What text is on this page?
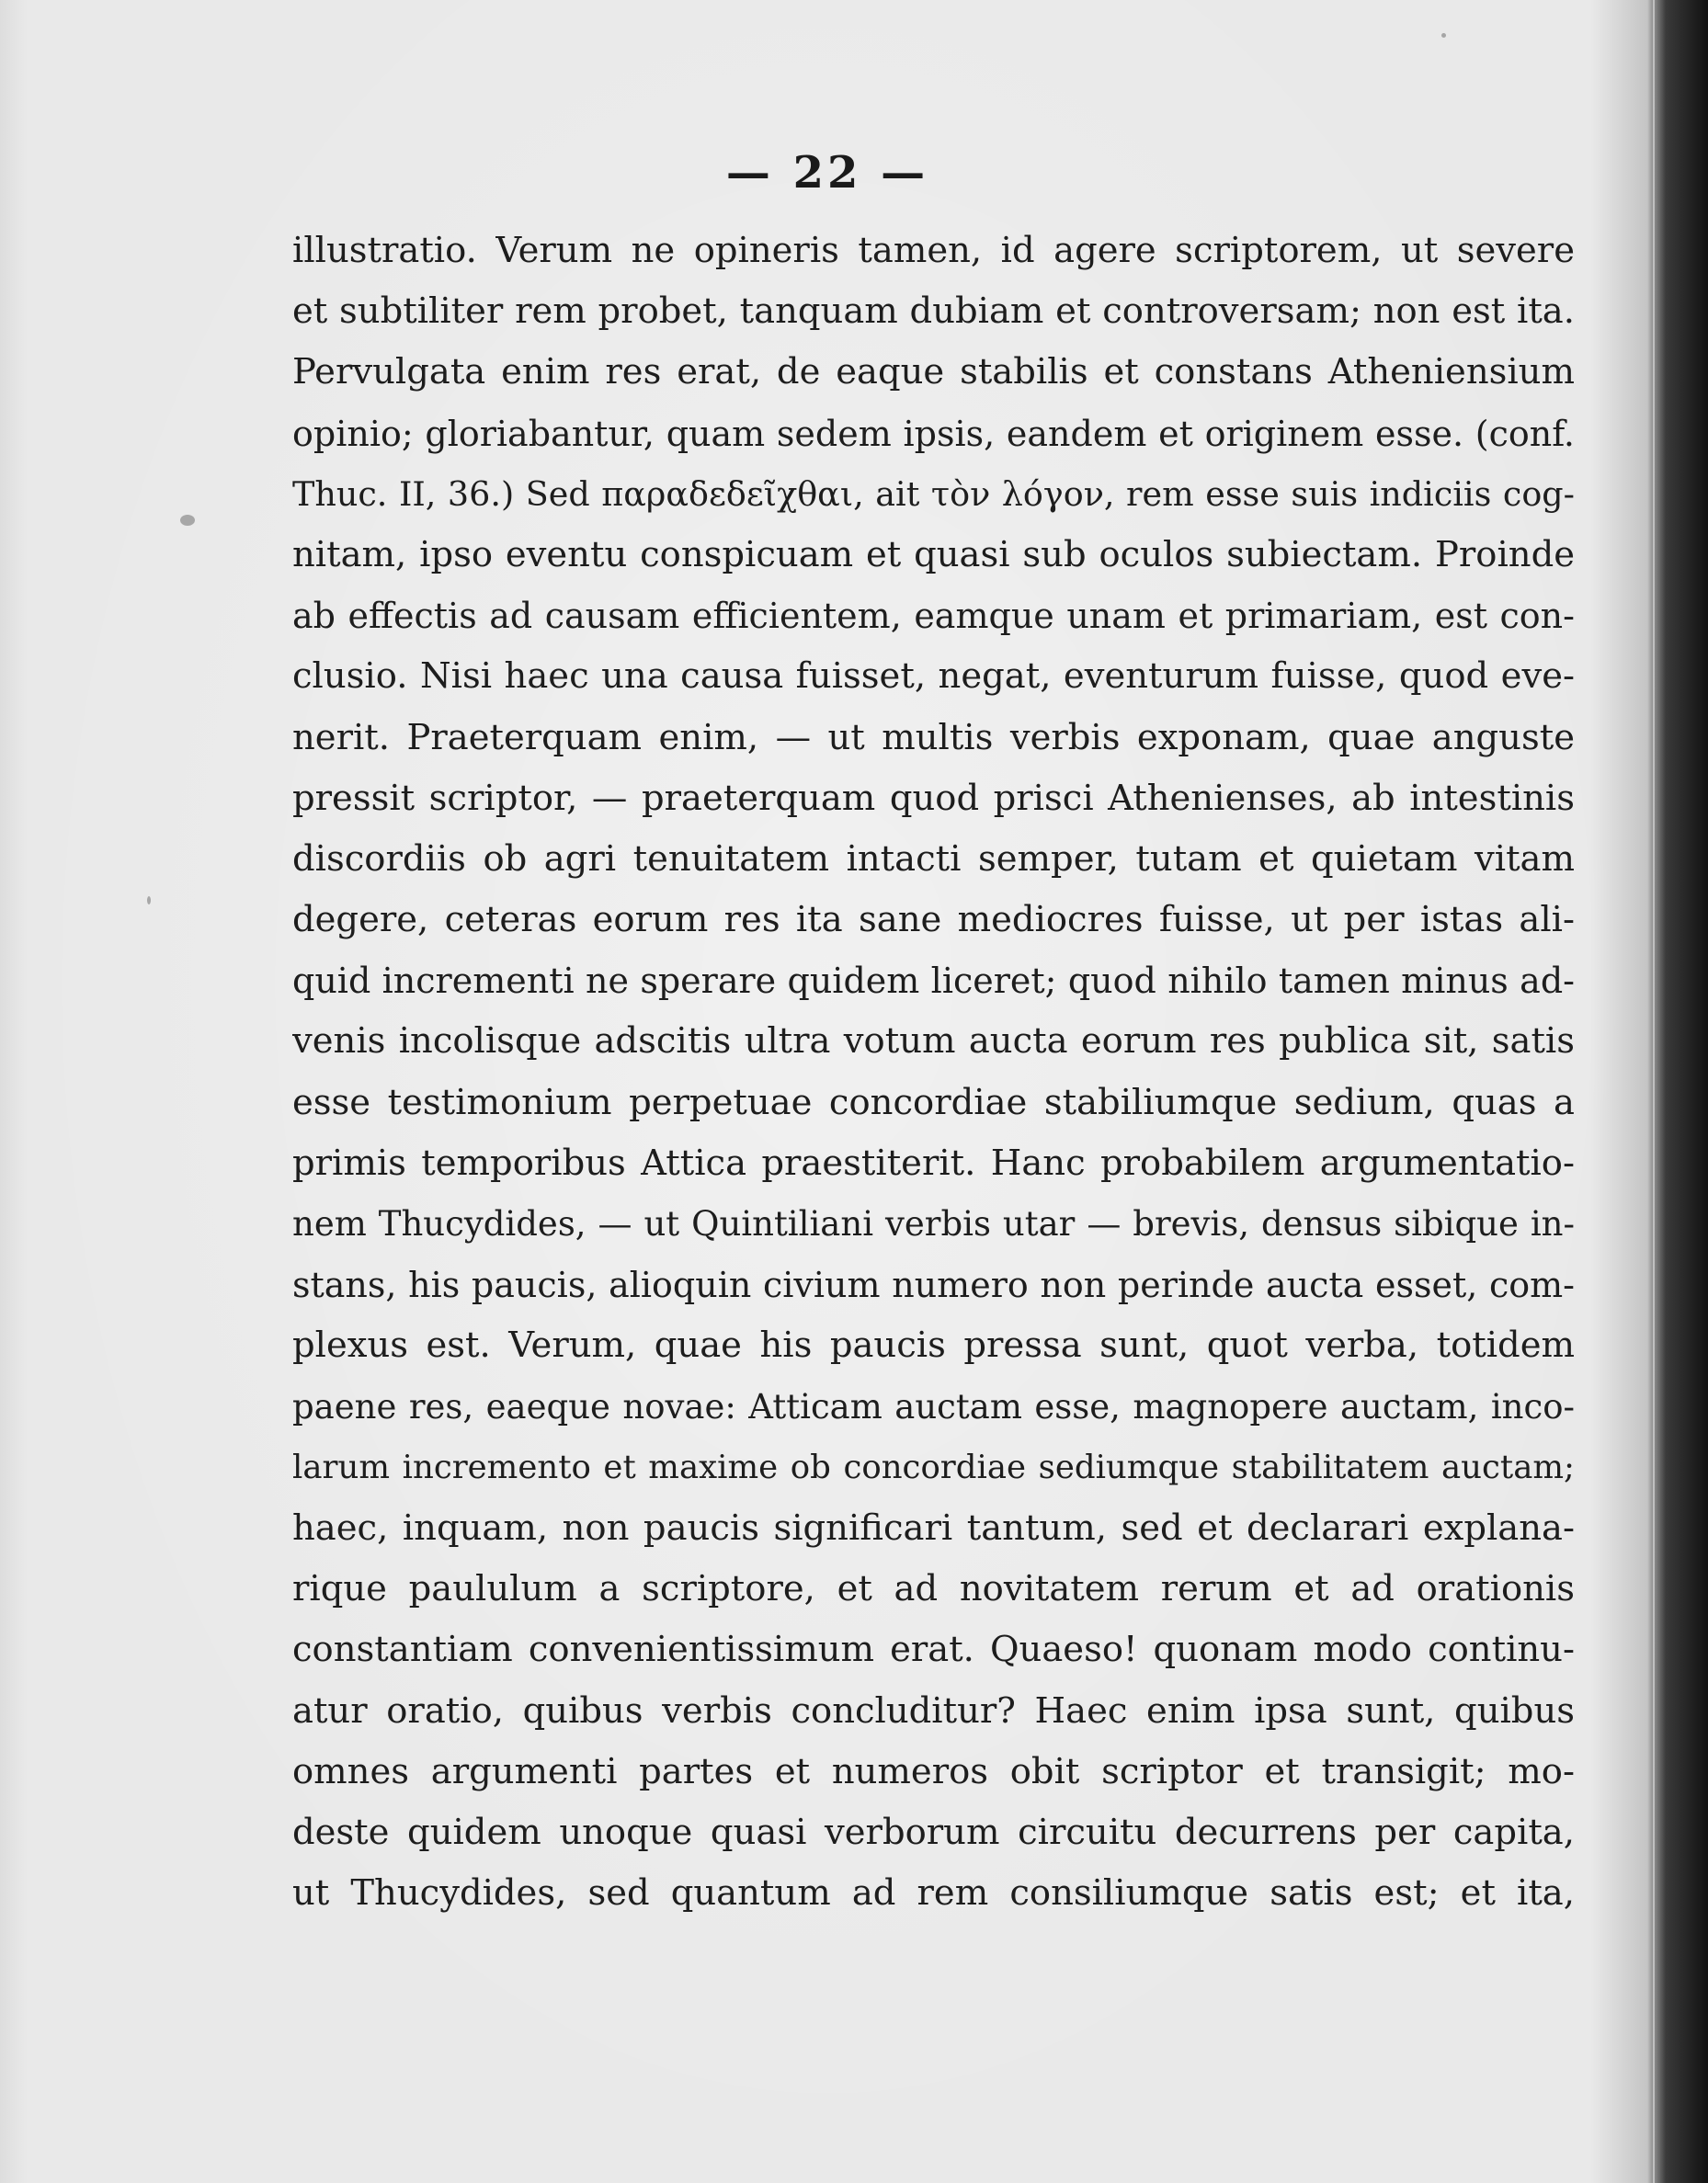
— 22 —
illustratio. Verum ne opineris tamen, id agere scriptorem, ut severe
et subtiliter rem probet, tanquam dubiam et controversam; non est ita.
Pervulgata enim res erat, de eaque stabilis et constans Atheniensium
opinio; gloriabantur, quam sedem ipsis, eandem et originem esse. (conf.
Thuc. II, 36.) Sed παραδεδεῖχθαι, ait τὸν λόγον, rem esse suis indiciis cog-
nitam, ipso eventu conspicuam et quasi sub oculos subiectam. Proinde
ab effectis ad causam efficientem, eamque unam et primariam, est con-
clusio. Nisi haec una causa fuisset, negat, eventurum fuisse, quod eve-
nerit. Praeterquam enim, — ut multis verbis exponam, quae anguste
pressit scriptor, — praeterquam quod prisci Athenienses, ab intestinis
discordiis ob agri tenuitatem intacti semper, tutam et quietam vitam
degere, ceteras eorum res ita sane mediocres fuisse, ut per istas ali-
quid incrementi ne sperare quidem liceret; quod nihilo tamen minus ad-
venis incolisque adscitis ultra votum aucta eorum res publica sit, satis
esse testimonium perpetuae concordiae stabiliumque sedium, quas a
primis temporibus Attica praestiterit. Hanc probabilem argumentatio-
nem Thucydides, — ut Quintiliani verbis utar — brevis, densus sibique in-
stans, his paucis, alioquin civium numero non perinde aucta esset, com-
plexus est. Verum, quae his paucis pressa sunt, quot verba, totidem
paene res, eaeque novae: Atticam auctam esse, magnopere auctam, inco-
larum incremento et maxime ob concordiae sediumque stabilitatem auctam;
haec, inquam, non paucis significari tantum, sed et declarari explana-
rique paululum a scriptore, et ad novitatem rerum et ad orationis
constantiam convenientissimum erat. Quaeso! quonam modo continu-
atur oratio, quibus verbis concluditur? Haec enim ipsa sunt, quibus
omnes argumenti partes et numeros obit scriptor et transigit; mo-
deste quidem unoque quasi verborum circuitu decurrens per capita,
ut Thucydides, sed quantum ad rem consiliumque satis est; et ita,
